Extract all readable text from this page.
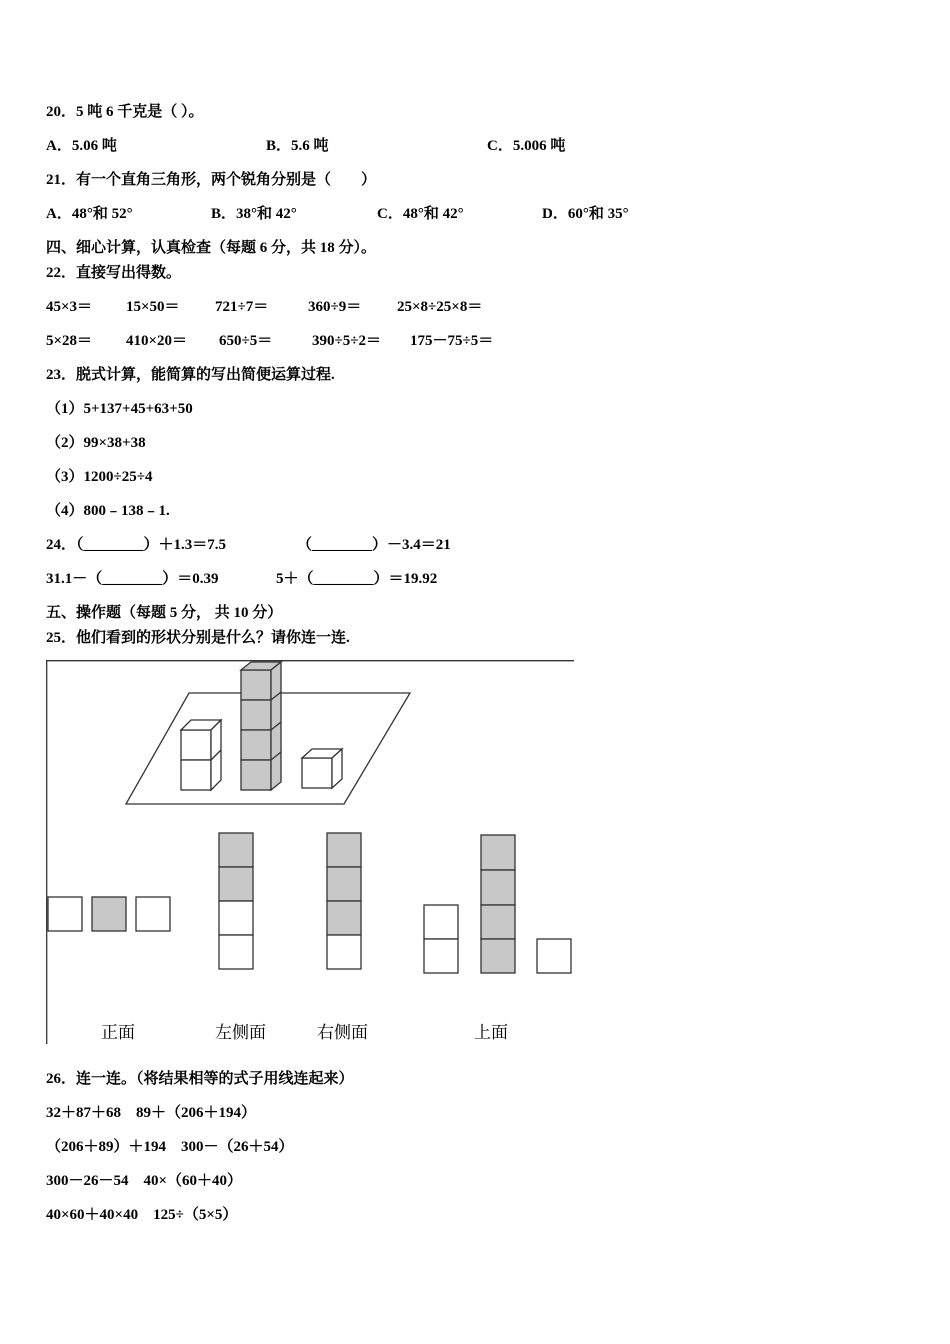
20．5 吨 6 千克是（ ）。
A．5.06 吨	B．5.6 吨	C．5.006 吨
21．有一个直角三角形，两个锐角分别是（　　）
A．48°和 52°	B．38°和 42°	C．48°和 42°	D．60°和 35°
四、细心计算，认真检查（每题 6 分，共 18 分）。
22．直接写出得数。
45×3＝ 15×50＝ 721÷7＝	360÷9＝ 25×8÷25×8＝
5×28＝ 410×20＝ 650÷5＝	390÷5÷2＝ 175－75÷5＝
23．脱式计算，能简算的写出简便运算过程.
（1）5+137+45+63+50
（2）99×38+38
（3）1200÷25÷4
（4）800﹣138﹣1.
24．（________）＋1.3＝7.5	（________）－3.4＝21
31.1－（________）＝0.39	5＋（________）＝19.92
五、操作题（每题 5 分， 共 10 分）
25．他们看到的形状分别是什么？请你连一连.
正面	左侧面	右侧面	上面
26．连一连。（将结果相等的式子用线连起来）
32＋87＋68　89＋（206＋194）
（206＋89）＋194　300－（26＋54）
300－26－54　40×（60＋40）
40×60＋40×40　125÷（5×5）
